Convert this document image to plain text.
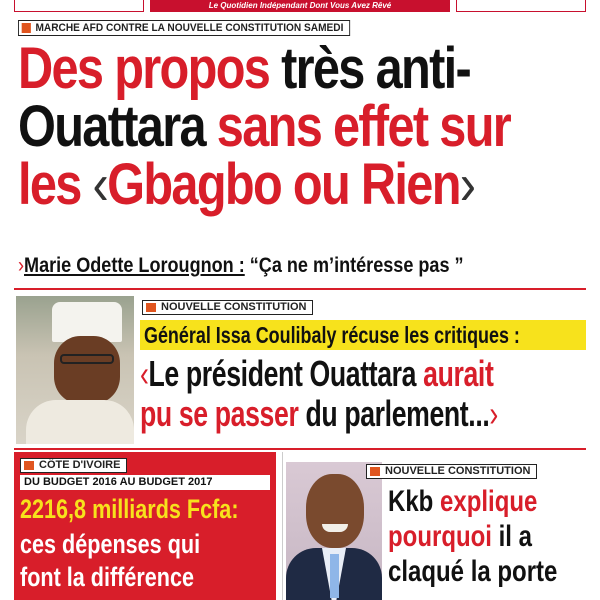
Le Quotidien Indépendant Dont Vous Avez Rêvé
MARCHE AFD CONTRE LA NOUVELLE CONSTITUTION SAMEDI
Des propos très anti-
Ouattara sans effet sur
les ‹Gbagbo ou Rien›
›Marie Odette Lorougnon : “Ça ne m’intéresse pas ”
NOUVELLE CONSTITUTION
Général Issa Coulibaly récuse les critiques :
‹Le président Ouattara aurait
pu se passer du parlement...›
CÔTE D'IVOIRE
DU BUDGET 2016 AU BUDGET 2017
2216,8 milliards Fcfa:
ces dépenses qui
font la différence
NOUVELLE CONSTITUTION
Kkb explique
pourquoi il a
claqué la porte
